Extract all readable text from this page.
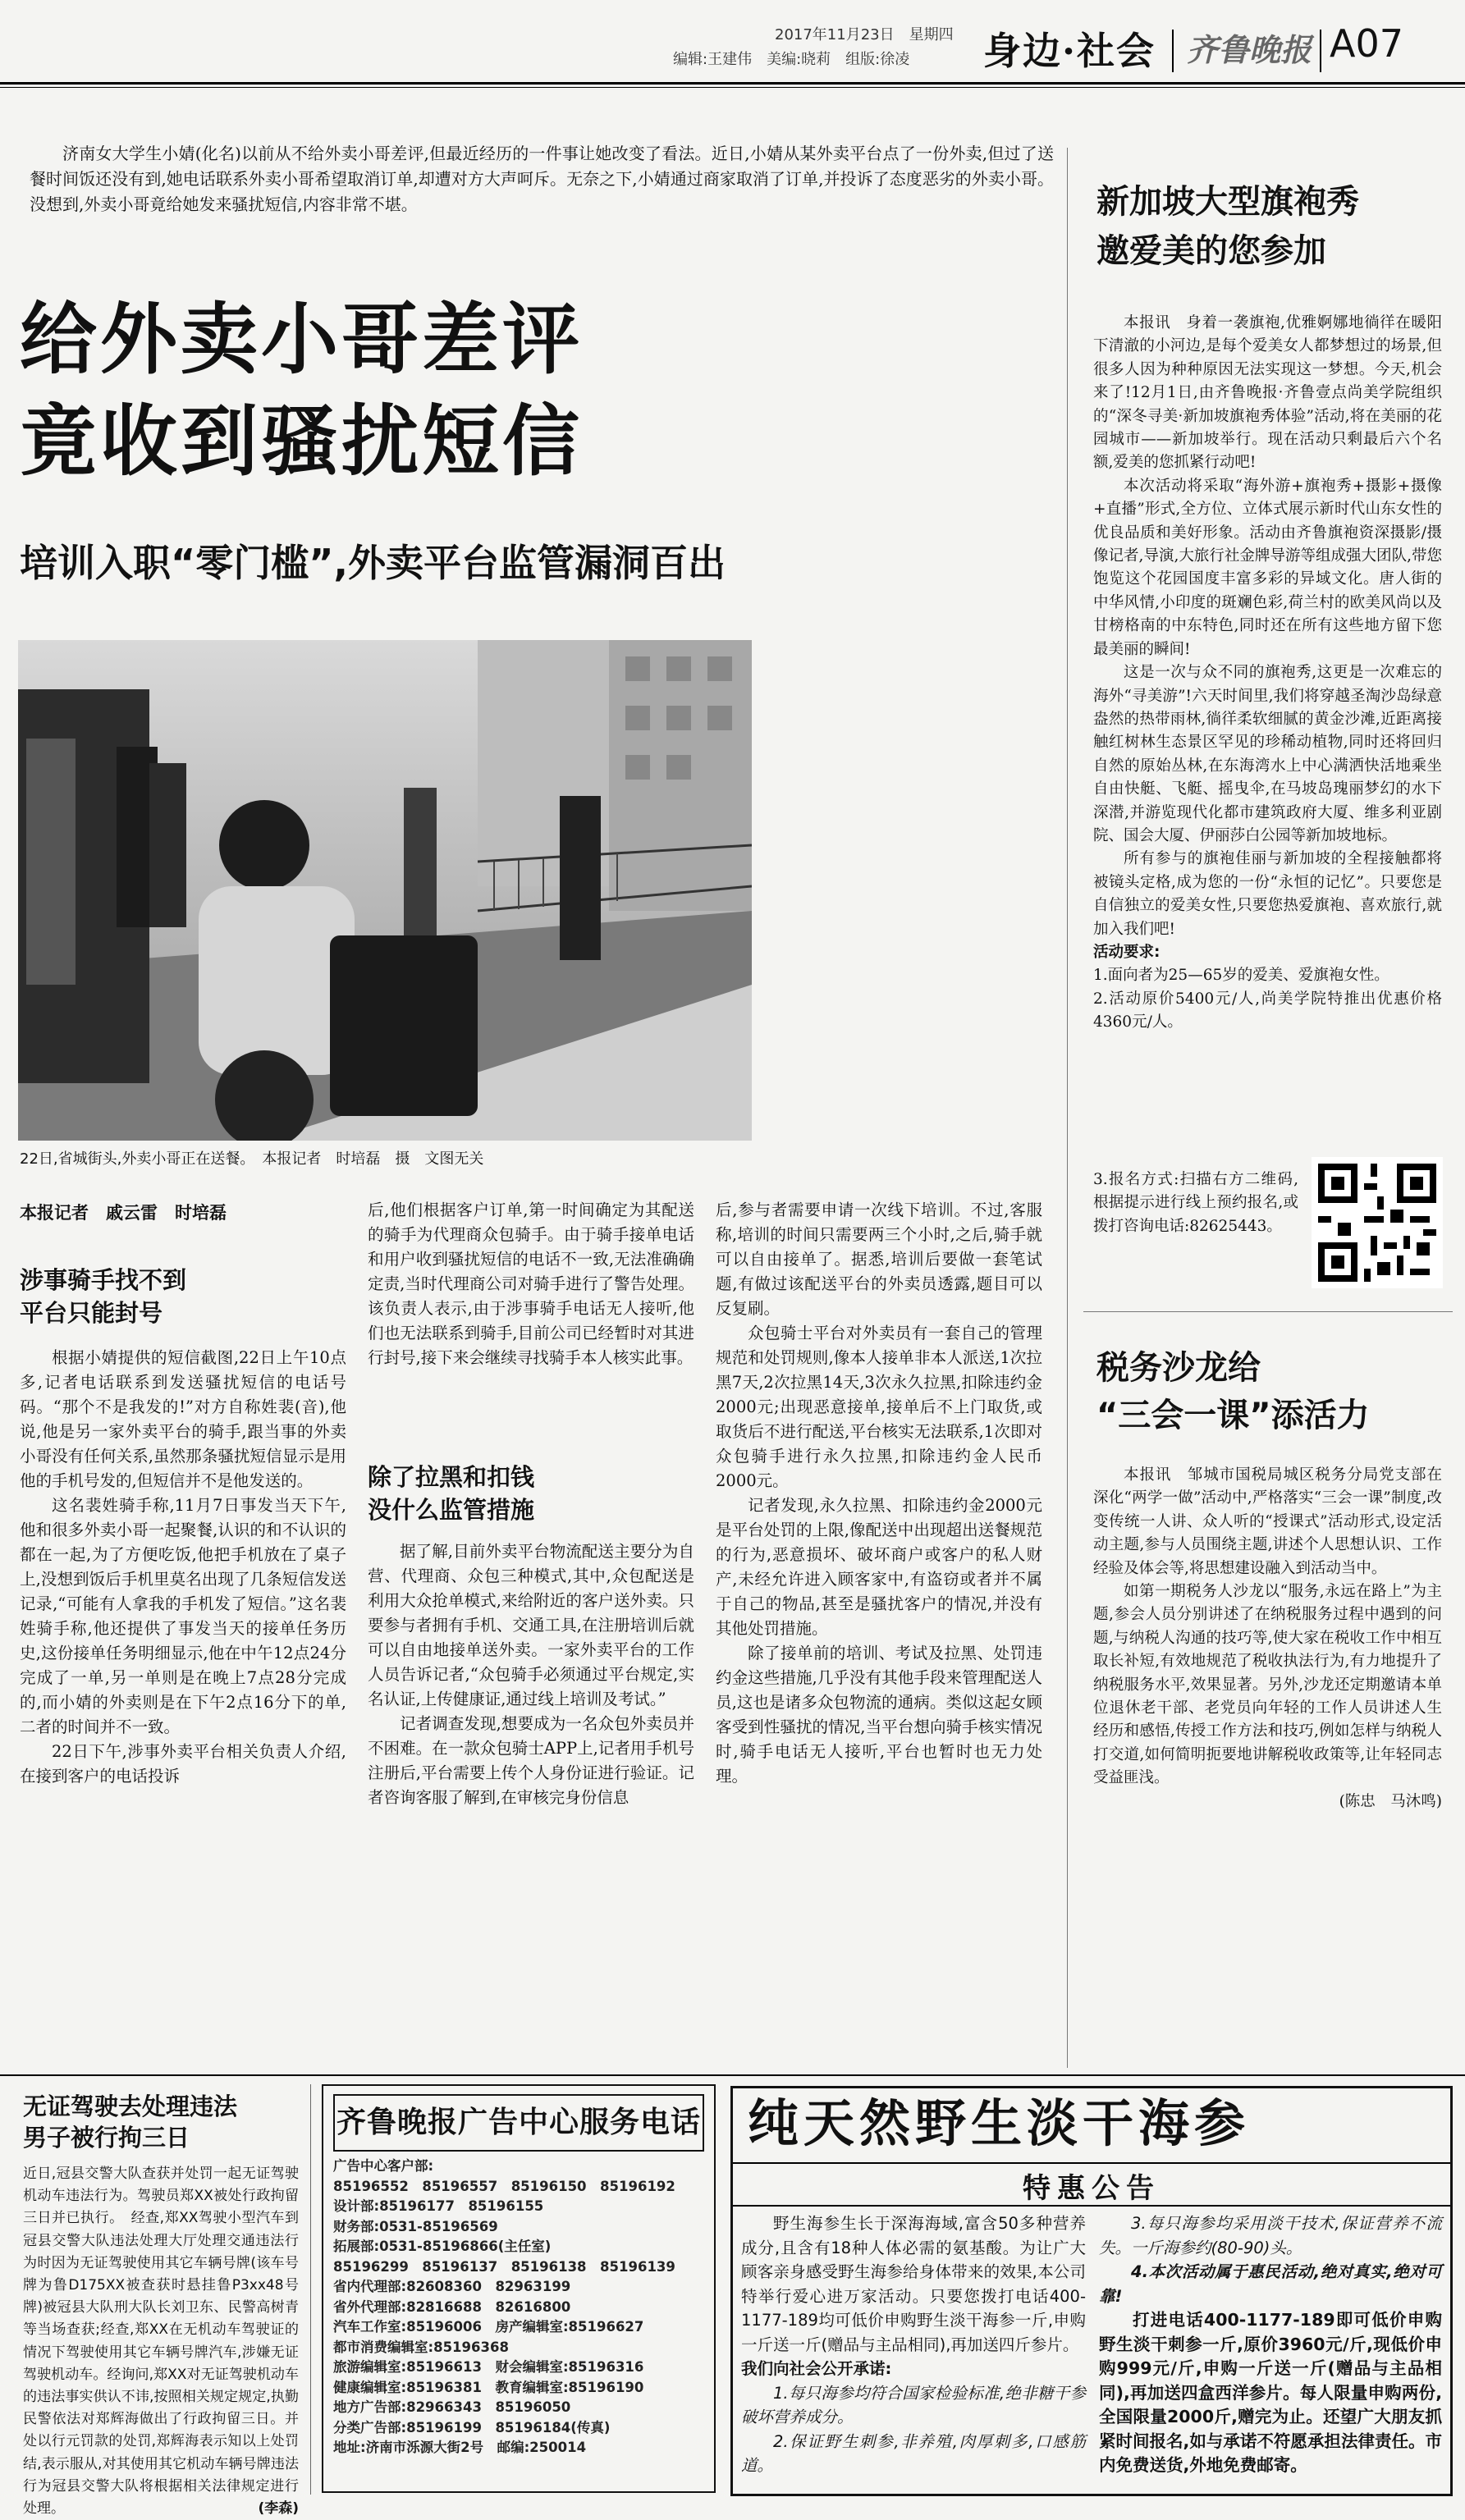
2017年11月23日　星期四
编辑:王建伟　美编:晓莉　组版:徐凌 身边·社会 齐鲁晚报 A07

济南女大学生小婧(化名)以前从不给外卖小哥差评,但最近经历的一件事让她改变了看法。近日,小婧从某外卖平台点了一份外卖,但过了送餐时间饭还没有到,她电话联系外卖小哥希望取消订单,却遭对方大声呵斥。无奈之下,小婧通过商家取消了订单,并投诉了态度恶劣的外卖小哥。没想到,外卖小哥竟给她发来骚扰短信,内容非常不堪。

给外卖小哥差评
竟收到骚扰短信
培训入职“零门槛”,外卖平台监管漏洞百出
22日,省城街头,外卖小哥正在送餐。　本报记者　时培磊　摄　文图无关
本报记者　戚云雷　时培磊
涉事骑手找不到
平台只能封号

根据小婧提供的短信截图,22日上午10点多,记者电话联系到发送骚扰短信的电话号码。“那个不是我发的!”对方自称姓裴(音),他说,他是另一家外卖平台的骑手,跟当事的外卖小哥没有任何关系,虽然那条骚扰短信显示是用他的手机号发的,但短信并不是他发送的。

这名裴姓骑手称,11月7日事发当天下午,他和很多外卖小哥一起聚餐,认识的和不认识的都在一起,为了方便吃饭,他把手机放在了桌子上,没想到饭后手机里莫名出现了几条短信发送记录,“可能有人拿我的手机发了短信。”这名裴姓骑手称,他还提供了事发当天的接单任务历史,这份接单任务明细显示,他在中午12点24分完成了一单,另一单则是在晚上7点28分完成的,而小婧的外卖则是在下午2点16分下的单,二者的时间并不一致。

22日下午,涉事外卖平台相关负责人介绍,在接到客户的电话投诉

后,他们根据客户订单,第一时间确定为其配送的骑手为代理商众包骑手。由于骑手接单电话和用户收到骚扰短信的电话不一致,无法准确确定责,当时代理商公司对骑手进行了警告处理。该负责人表示,由于涉事骑手电话无人接听,他们也无法联系到骑手,目前公司已经暂时对其进行封号,接下来会继续寻找骑手本人核实此事。

除了拉黑和扣钱
没什么监管措施

据了解,目前外卖平台物流配送主要分为自营、代理商、众包三种模式,其中,众包配送是利用大众抢单模式,来给附近的客户送外卖。只要参与者拥有手机、交通工具,在注册培训后就可以自由地接单送外卖。一家外卖平台的工作人员告诉记者,“众包骑手必须通过平台规定,实名认证,上传健康证,通过线上培训及考试。”

记者调查发现,想要成为一名众包外卖员并不困难。在一款众包骑士APP上,记者用手机号注册后,平台需要上传个人身份证进行验证。记者咨询客服了解到,在审核完身份信息

后,参与者需要申请一次线下培训。不过,客服称,培训的时间只需要两三个小时,之后,骑手就可以自由接单了。据悉,培训后要做一套笔试题,有做过该配送平台的外卖员透露,题目可以反复刷。

众包骑士平台对外卖员有一套自己的管理规范和处罚规则,像本人接单非本人派送,1次拉黑7天,2次拉黑14天,3次永久拉黑,扣除违约金2000元;出现恶意接单,接单后不上门取货,或取货后不进行配送,平台核实无法联系,1次即对众包骑手进行永久拉黑,扣除违约金人民币2000元。

记者发现,永久拉黑、扣除违约金2000元是平台处罚的上限,像配送中出现超出送餐规范的行为,恶意损坏、破坏商户或客户的私人财产,未经允许进入顾客家中,有盗窃或者并不属于自己的物品,甚至是骚扰客户的情况,并没有其他处罚措施。

除了接单前的培训、考试及拉黑、处罚违约金这些措施,几乎没有其他手段来管理配送人员,这也是诸多众包物流的通病。类似这起女顾客受到性骚扰的情况,当平台想向骑手核实情况时,骑手电话无人接听,平台也暂时也无力处理。

新加坡大型旗袍秀
邀爱美的您参加

本报讯　身着一袭旗袍,优雅婀娜地徜徉在暖阳下清澈的小河边,是每个爱美女人都梦想过的场景,但很多人因为种种原因无法实现这一梦想。今天,机会来了!12月1日,由齐鲁晚报·齐鲁壹点尚美学院组织的“深冬寻美·新加坡旗袍秀体验”活动,将在美丽的花园城市——新加坡举行。现在活动只剩最后六个名额,爱美的您抓紧行动吧!

本次活动将采取“海外游+旗袍秀+摄影+摄像+直播”形式,全方位、立体式展示新时代山东女性的优良品质和美好形象。活动由齐鲁旗袍资深摄影/摄像记者,导演,大旅行社金牌导游等组成强大团队,带您饱览这个花园国度丰富多彩的异域文化。唐人街的中华风情,小印度的斑斓色彩,荷兰村的欧美风尚以及甘榜格南的中东特色,同时还在所有这些地方留下您最美丽的瞬间!

这是一次与众不同的旗袍秀,这更是一次难忘的海外“寻美游”!六天时间里,我们将穿越圣淘沙岛绿意盎然的热带雨林,徜徉柔软细腻的黄金沙滩,近距离接触红树林生态景区罕见的珍稀动植物,同时还将回归自然的原始丛林,在东海湾水上中心满洒快活地乘坐自由快艇、飞艇、摇曳伞,在马坡岛瑰丽梦幻的水下深潜,并游览现代化都市建筑政府大厦、维多利亚剧院、国会大厦、伊丽莎白公园等新加坡地标。

所有参与的旗袍佳丽与新加坡的全程接触都将被镜头定格,成为您的一份“永恒的记忆”。只要您是自信独立的爱美女性,只要您热爱旗袍、喜欢旅行,就加入我们吧!

活动要求:

1.面向者为25—65岁的爱美、爱旗袍女性。

2.活动原价5400元/人,尚美学院特推出优惠价格4360元/人。

3.报名方式:扫描右方二维码,根据提示进行线上预约报名,或拨打咨询电话:82625443。

税务沙龙给
“三会一课”添活力

本报讯　邹城市国税局城区税务分局党支部在深化“两学一做”活动中,严格落实“三会一课”制度,改变传统一人讲、众人听的“授课式”活动形式,设定活动主题,参与人员围绕主题,讲述个人思想认识、工作经验及体会等,将思想建设融入到活动当中。

如第一期税务人沙龙以“服务,永远在路上”为主题,参会人员分别讲述了在纳税服务过程中遇到的问题,与纳税人沟通的技巧等,使大家在税收工作中相互取长补短,有效地规范了税收执法行为,有力地提升了纳税服务水平,效果显著。另外,沙龙还定期邀请本单位退休老干部、老党员向年轻的工作人员讲述人生经历和感悟,传授工作方法和技巧,例如怎样与纳税人打交道,如何简明扼要地讲解税收政策等,让年轻同志受益匪浅。

(陈忠　马沐鸣)

无证驾驶去处理违法
男子被行拘三日
近日,冠县交警大队查获并处罚一起无证驾驶机动车违法行为。驾驶员郑XX被处行政拘留三日并已执行。　经查,郑XX驾驶小型汽车到冠县交警大队违法处理大厅处理交通违法行为时因为无证驾驶使用其它车辆号牌(该车号牌为鲁D175XX被查获时悬挂鲁P3xx48号牌)被冠县大队刑大队长刘卫东、民警高树青等当场查获;经查,郑XX在无机动车驾驶证的情况下驾驶使用其它车辆号牌汽车,涉嫌无证驾驶机动车。经询问,郑XX对无证驾驶机动车的违法事实供认不讳,按照相关规定规定,执勤民警依法对郑辉海做出了行政拘留三日。并处以行元罚款的处罚,郑辉海表示知以上处罚结,表示服从,对其使用其它机动车辆号牌违法行为冠县交警大队将根据相关法律规定进行处理。	(李森)
齐鲁晚报广告中心服务电话
广告中心客户部:
85196552　85196557　85196150　85196192
设计部:85196177　85196155
财务部:0531-85196569
拓展部:0531-85196866(主任室)
85196299　85196137　85196138　85196139
省内代理部:82608360　82963199
省外代理部:82816688　82616800
汽车工作室:85196006　房产编辑室:85196627
都市消费编辑室:85196368
旅游编辑室:85196613　财会编辑室:85196316
健康编辑室:85196381　教育编辑室:85196190
地方广告部:82966343　85196050
分类广告部:85196199　85196184(传真)
地址:济南市泺源大街2号　邮编:250014
纯天然野生淡干海参
特惠公告

野生海参生长于深海海域,富含50多种营养成分,且含有18种人体必需的氨基酸。为让广大顾客亲身感受野生海参给身体带来的效果,本公司特举行爱心进万家活动。只要您拨打电话400-1177-189均可低价申购野生淡干海参一斤,申购一斤送一斤(赠品与主品相同),再加送四斤参片。

我们向社会公开承诺:

1.每只海参均符合国家检验标准,绝非糖干参破坏营养成分。

2.保证野生刺参,非养殖,肉厚刺多,口感筋道。

3.每只海参均采用淡干技术,保证营养不流失。一斤海参约(80-90)头。

4.本次活动属于惠民活动,绝对真实,绝对可靠!

打进电话400-1177-189即可低价申购野生淡干刺参一斤,原价3960元/斤,现低价申购999元/斤,申购一斤送一斤(赠品与主品相同),再加送四盒西洋参片。每人限量申购两份,全国限量2000斤,赠完为止。还望广大朋友抓紧时间报名,如与承诺不符愿承担法律责任。市内免费送货,外地免费邮寄。
